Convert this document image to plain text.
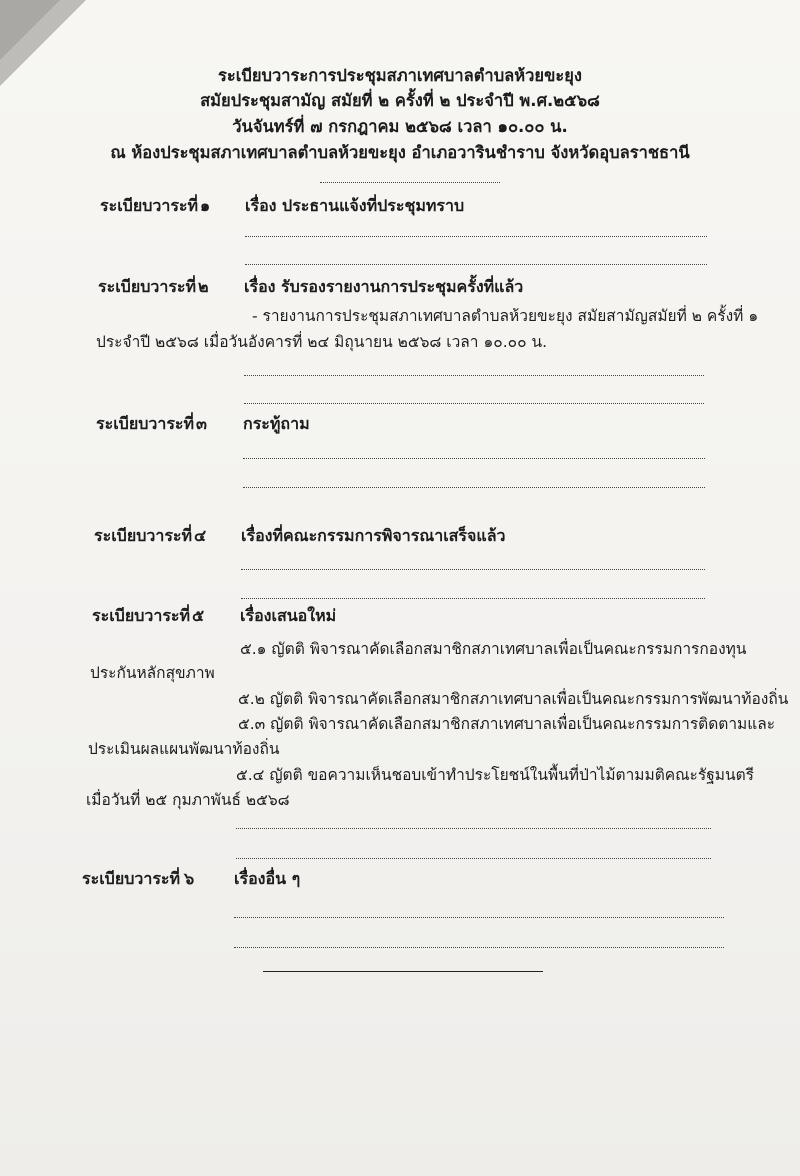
ระเบียบวาระการประชุมสภาเทศบาลตำบลห้วยขะยุง
สมัยประชุมสามัญ สมัยที่ ๒ ครั้งที่ ๒ ประจำปี พ.ศ.๒๕๖๘
วันจันทร์ที่ ๗ กรกฎาคม ๒๕๖๘ เวลา ๑๐.๐๐ น.
ณ ห้องประชุมสภาเทศบาลตำบลห้วยขะยุง อำเภอวารินชำราบ จังหวัดอุบลราชธานี
ระเบียบวาระที่ ๑ เรื่อง ประธานแจ้งที่ประชุมทราบ
ระเบียบวาระที่ ๒ เรื่อง รับรองรายงานการประชุมครั้งที่แล้ว
- รายงานการประชุมสภาเทศบาลตำบลห้วยขะยุง สมัยสามัญสมัยที่ ๒ ครั้งที่ ๑
ประจำปี ๒๕๖๘ เมื่อวันอังคารที่ ๒๔ มิถุนายน ๒๕๖๘ เวลา ๑๐.๐๐ น.
ระเบียบวาระที่ ๓ กระทู้ถาม
ระเบียบวาระที่ ๔ เรื่องที่คณะกรรมการพิจารณาเสร็จแล้ว
ระเบียบวาระที่ ๕ เรื่องเสนอใหม่
๕.๑ ญัตติ พิจารณาคัดเลือกสมาชิกสภาเทศบาลเพื่อเป็นคณะกรรมการกองทุน
ประกันหลักสุขภาพ
๕.๒ ญัตติ พิจารณาคัดเลือกสมาชิกสภาเทศบาลเพื่อเป็นคณะกรรมการพัฒนาท้องถิ่น
๕.๓ ญัตติ พิจารณาคัดเลือกสมาชิกสภาเทศบาลเพื่อเป็นคณะกรรมการติดตามและ
ประเมินผลแผนพัฒนาท้องถิ่น
๕.๔ ญัตติ ขอความเห็นชอบเข้าทำประโยชน์ในพื้นที่ป่าไม้ตามมติคณะรัฐมนตรี
เมื่อวันที่ ๒๕ กุมภาพันธ์ ๒๕๖๘
ระเบียบวาระที่ ๖ เรื่องอื่น ๆ
